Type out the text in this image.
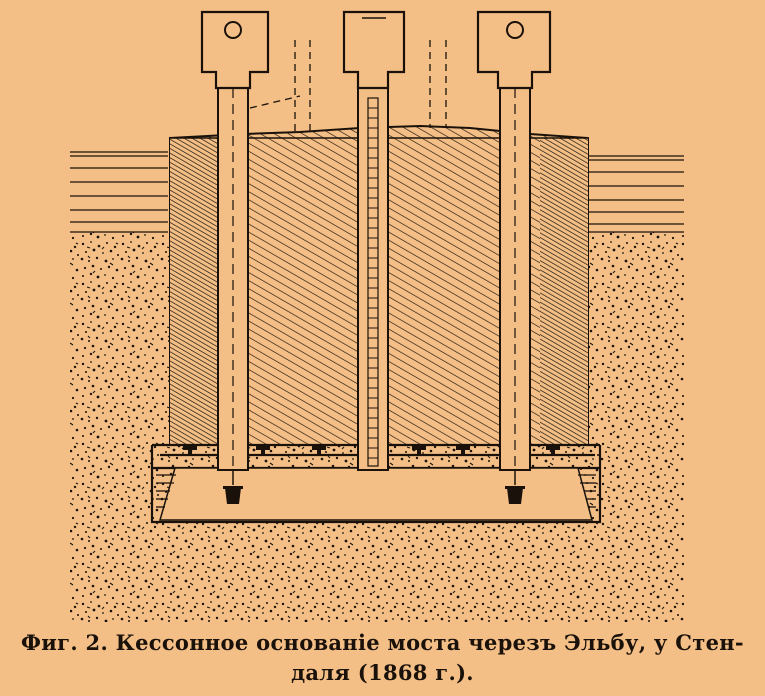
Фиг. 2. Кессонное основанiе моста черезъ Эльбу, у Стен-
даля (1868 г.).
